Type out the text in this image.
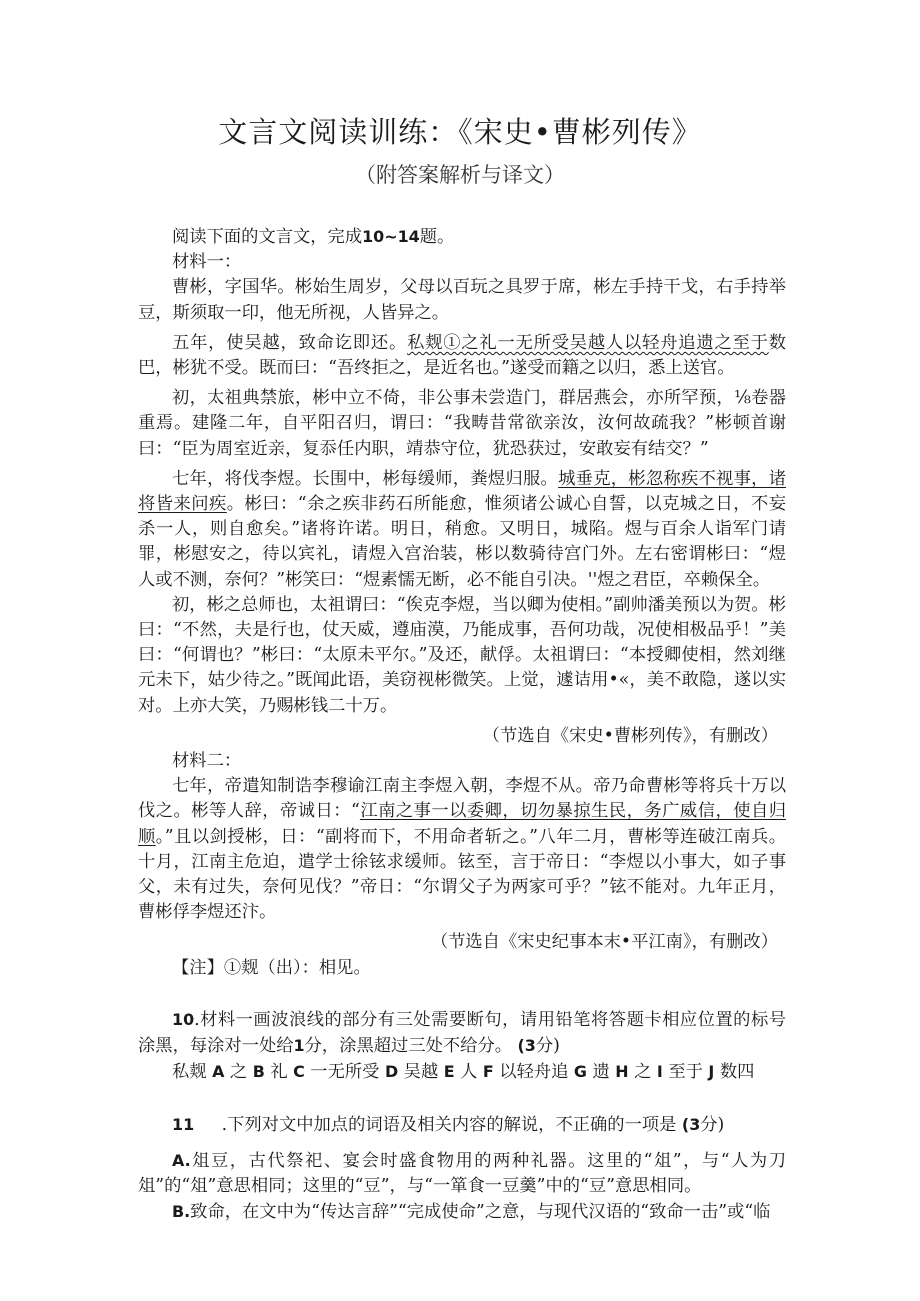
文言文阅读训练：《宋史•曹彬列传》
（附答案解析与译文）

阅读下面的文言文，完成10~14题。

材料一：

曹彬，字国华。彬始生周岁，父母以百玩之具罗于席，彬左手持干戈，右手持举豆，斯须取一印，他无所视，人皆异之。

五年，使吴越，致命讫即还。私觌①之礼一无所受吴越人以轻舟追遗之至于数巴，彬犹不受。既而曰：“吾终拒之，是近名也。”遂受而籍之以归，悉上送官。

初，太祖典禁旅，彬中立不倚，非公事未尝造门，群居燕会，亦所罕预，⅛卷器重焉。建隆二年，自平阳召归，谓曰：“我畴昔常欲亲汝，汝何故疏我？”彬顿首谢曰：“臣为周室近亲，复忝任内职，靖恭守位，犹恐获过，安敢妄有结交？”

七年，将伐李煜。长围中，彬每缓师，粪煜归服。城垂克，彬忽称疾不视事，诸将皆来问疾。彬曰：“余之疾非药石所能愈，惟须诸公诚心自誓，以克城之日，不妄杀一人，则自愈矣。”诸将许诺。明日，稍愈。又明日，城陷。煜与百余人诣军门请罪，彬慰安之，待以宾礼，请煜入宫治装，彬以数骑待宫门外。左右密谓彬曰：“煜人或不测，奈何？”彬笑曰：“煜素懦无断，必不能自引决。''煜之君臣，卒赖保全。

初，彬之总师也，太祖谓曰：“俟克李煜，当以卿为使相。”副帅潘美预以为贺。彬曰：“不然，夫是行也，仗天威，遵庙漠，乃能成事，吾何功哉，况使相极品乎！”美曰：“何谓也？”彬曰：“太原未平尔。”及还，献俘。太祖谓曰：“本授卿使相，然刘继元未下，姑少待之。”既闻此语，美窃视彬微笑。上觉，遽诘用•«，美不敢隐，遂以实对。上亦大笑，乃赐彬钱二十万。

（节选自《宋史•曹彬列传》，有删改）

材料二：

七年，帝遣知制诰李穆谕江南主李煜入朝，李煜不从。帝乃命曹彬等将兵十万以伐之。彬等人辞，帝诚日：“江南之事一以委卿，切勿暴掠生民，务广威信，使自归顺。”且以剑授彬，日：“副将而下，不用命者斩之。”八年二月，曹彬等连破江南兵。十月，江南主危迫，遣学士徐铉求缓师。铉至，言于帝日：“李煜以小事大，如子事父，未有过失，奈何见伐？”帝日：“尔谓父子为两家可乎？”铉不能对。九年正月，曹彬俘李煜还汴。

（节选自《宋史纪事本末•平江南》，有删改）

【注】①觌（出）：相见。

10.材料一画波浪线的部分有三处需要断句，请用铅笔将答题卡相应位置的标号涂黑，每涂对一处给1分，涂黑超过三处不给分。 (3分)

私觌 A 之 B 礼 C 一无所受 D 吴越 E 人 F 以轻舟追 G 遗 H 之 I 至于 J 数四

11 .下列对文中加点的词语及相关内容的解说，不正确的一项是 (3分)

A.俎豆，古代祭祀、宴会时盛食物用的两种礼器。这里的“俎”，与“人为刀俎”的“俎”意思相同；这里的“豆”，与“一箪食一豆羹”中的“豆”意思相同。

B.致命，在文中为“传达言辞”“完成使命”之意，与现代汉语的“致命一击”或“临
